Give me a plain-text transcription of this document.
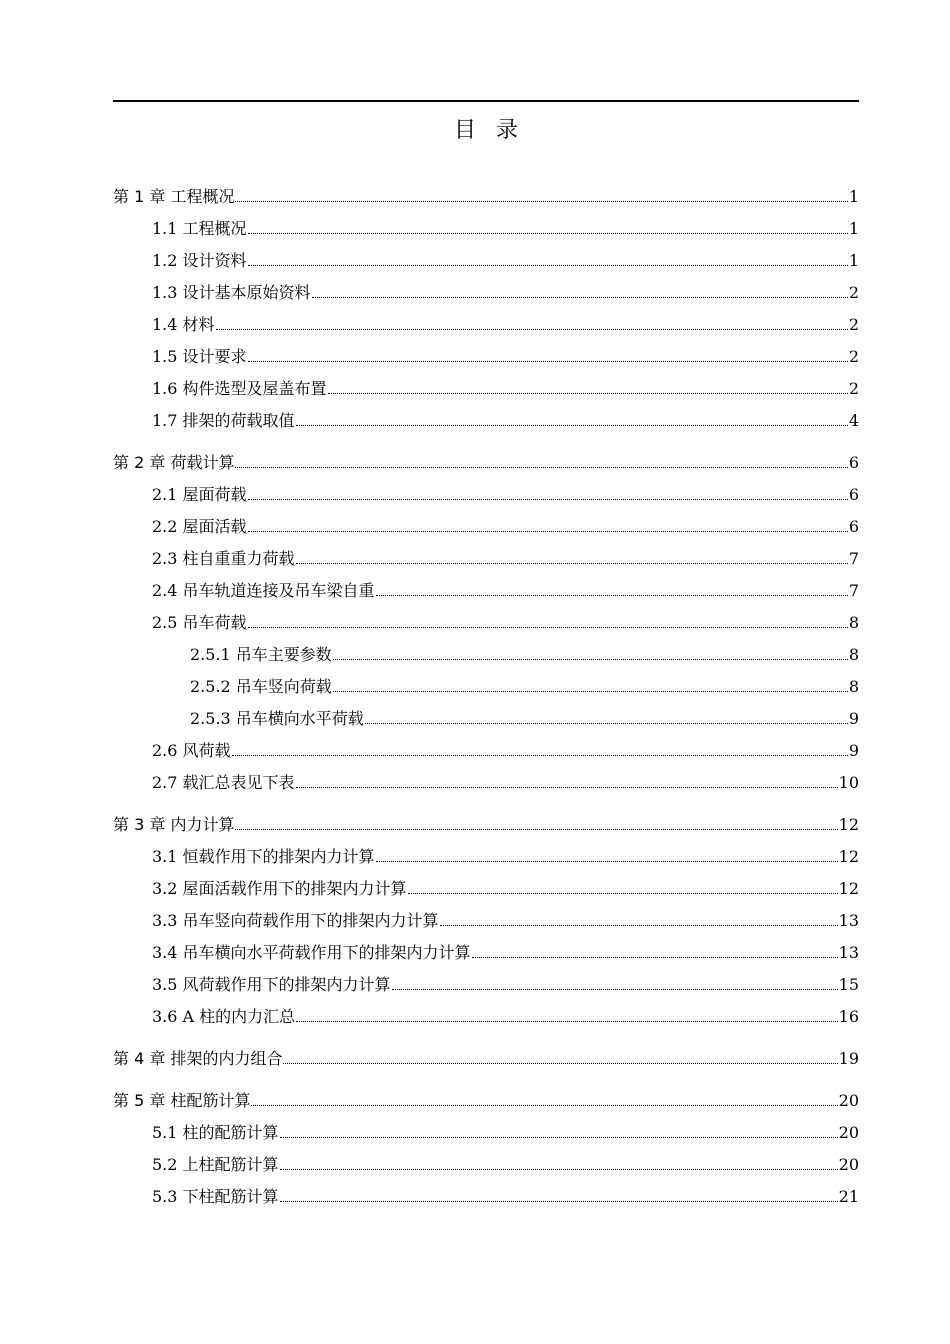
目录
第 1 章 工程概况	1
1.1 工程概况	1
1.2 设计资料	1
1.3 设计基本原始资料	2
1.4 材料	2
1.5 设计要求	2
1.6 构件选型及屋盖布置	2
1.7 排架的荷载取值	4
第 2 章 荷载计算	6
2.1 屋面荷载	6
2.2 屋面活载	6
2.3 柱自重重力荷载	7
2.4 吊车轨道连接及吊车梁自重	7
2.5 吊车荷载	8
2.5.1 吊车主要参数	8
2.5.2 吊车竖向荷载	8
2.5.3 吊车横向水平荷载	9
2.6 风荷载	9
2.7 载汇总表见下表	10
第 3 章 内力计算	12
3.1 恒载作用下的排架内力计算	12
3.2 屋面活载作用下的排架内力计算	12
3.3 吊车竖向荷载作用下的排架内力计算	13
3.4 吊车横向水平荷载作用下的排架内力计算	13
3.5 风荷载作用下的排架内力计算	15
3.6 A 柱的内力汇总	16
第 4 章 排架的内力组合	19
第 5 章 柱配筋计算	20
5.1 柱的配筋计算	20
5.2 上柱配筋计算	20
5.3 下柱配筋计算	21
